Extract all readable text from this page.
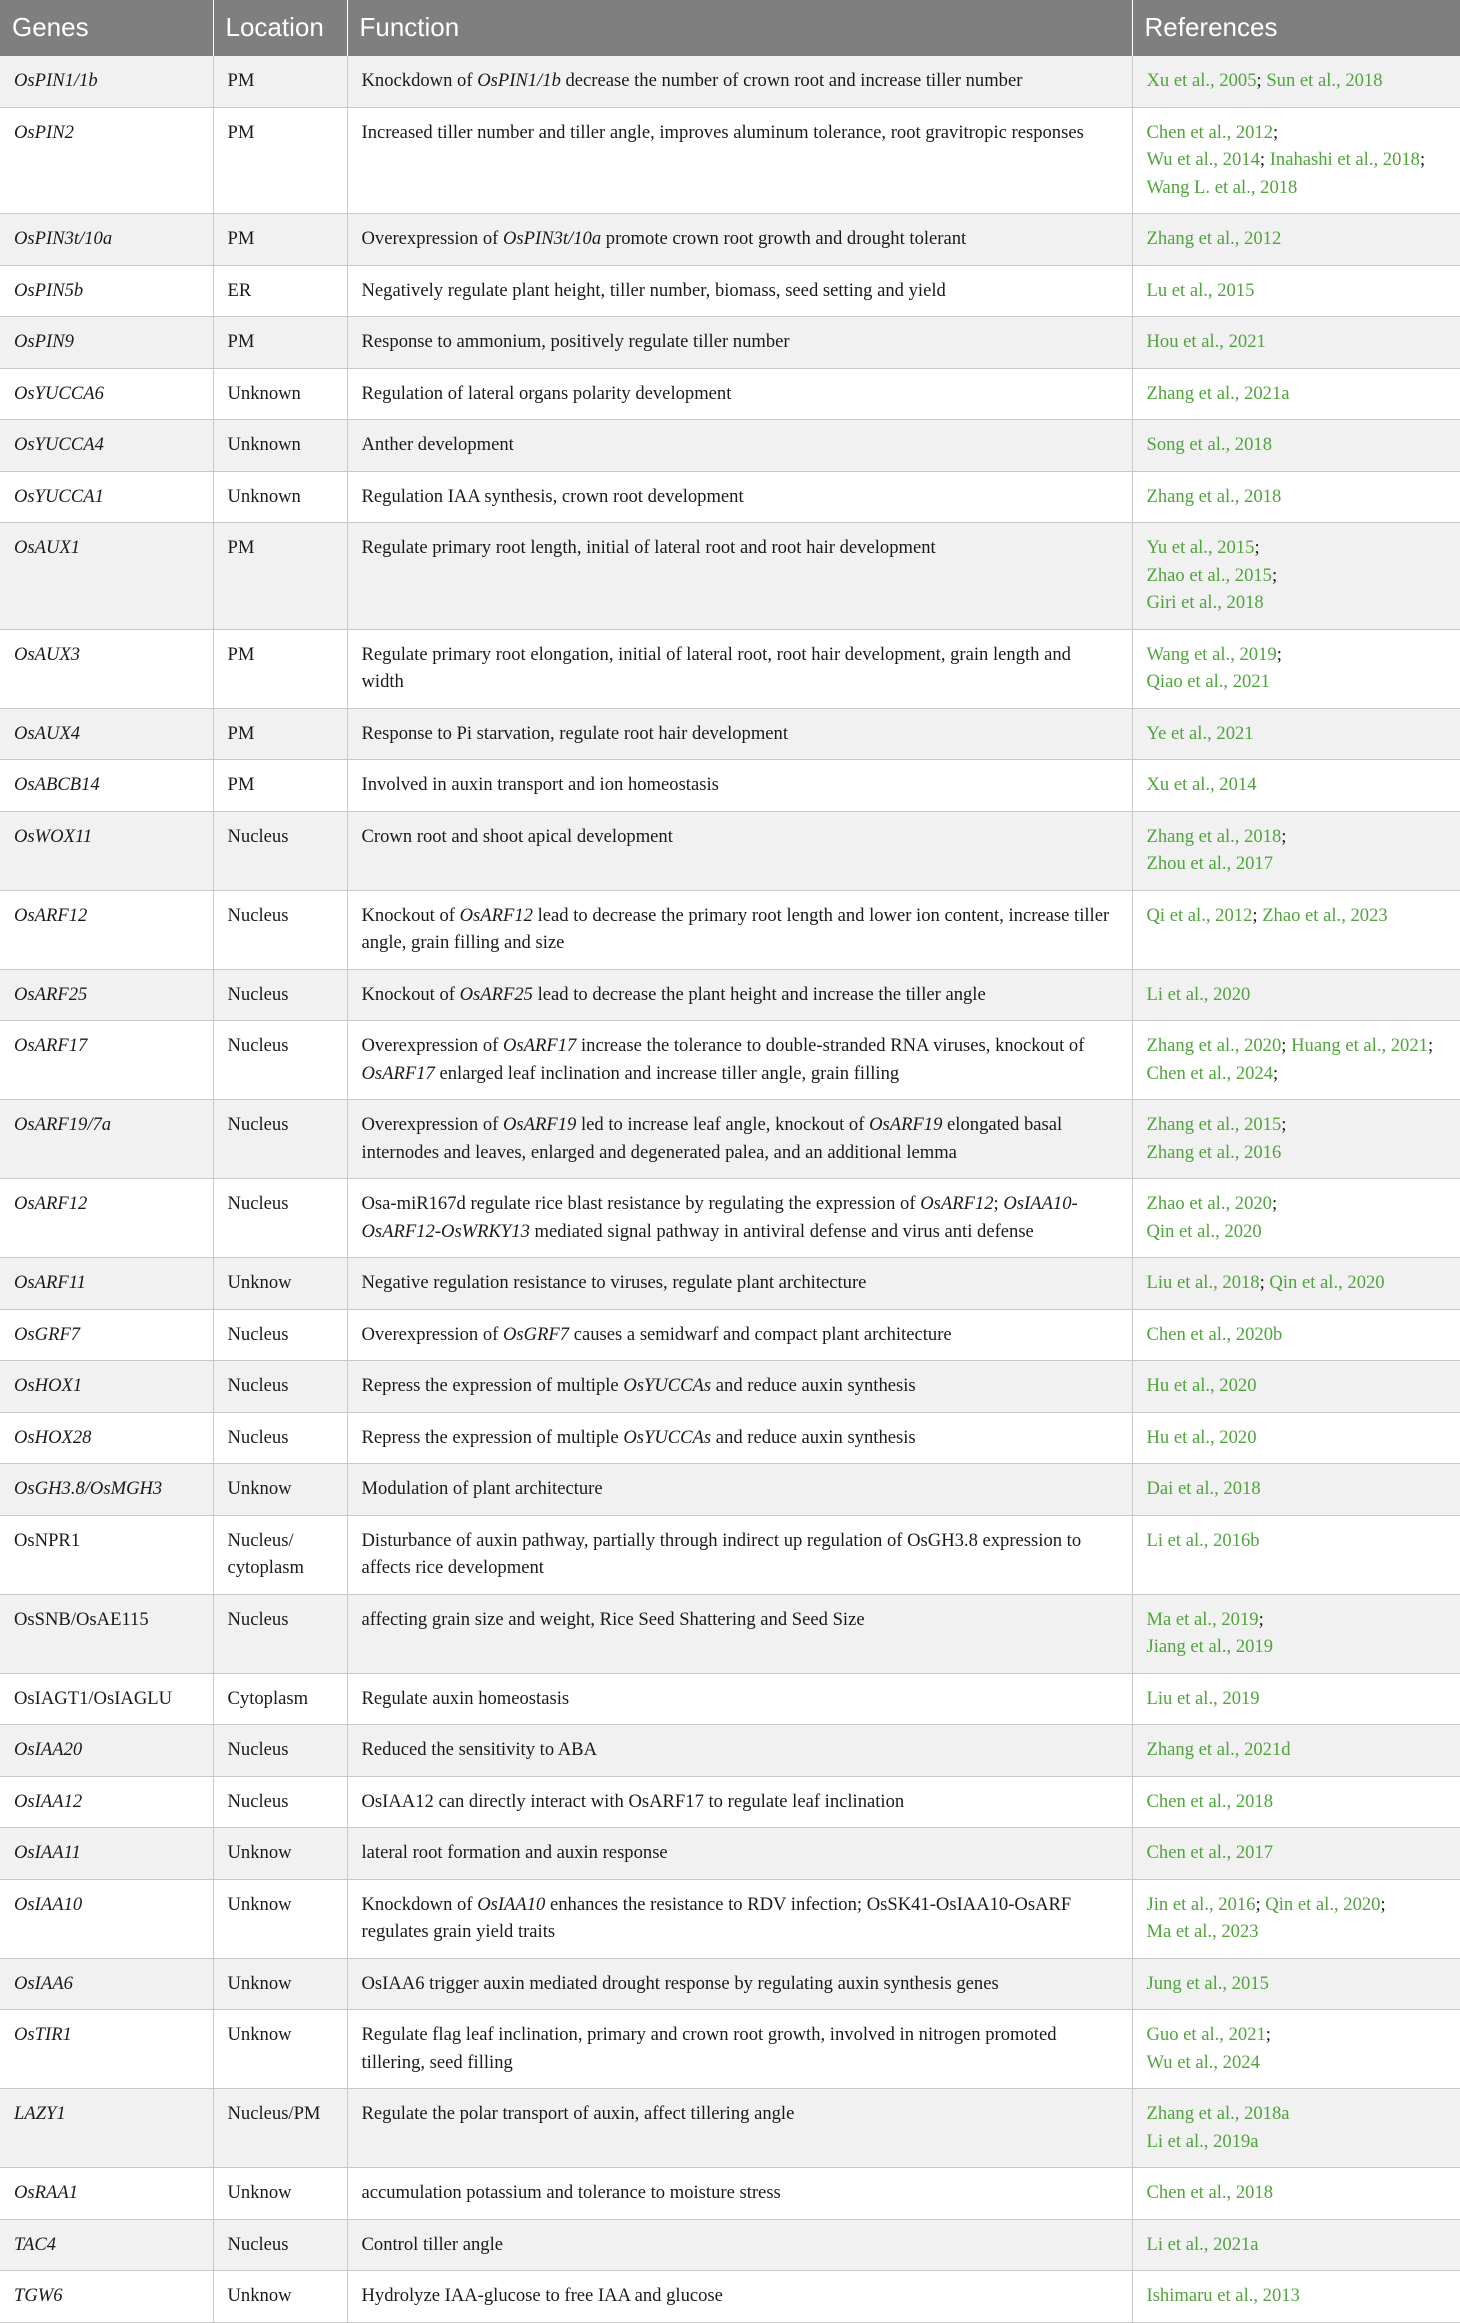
Genes	Location	Function	References
OsPIN1/1b	PM	Knockdown of OsPIN1/1b decrease the number of crown root and increase tiller number	Xu et al., 2005; Sun et al., 2018

OsPIN2	PM	Increased tiller number and tiller angle, improves aluminum tolerance, root gravitropic responses	Chen et al., 2012;
Wu et al., 2014; Inahashi et al., 2018;
Wang L. et al., 2018

OsPIN3t/10a	PM	Overexpression of OsPIN3t/10a promote crown root growth and drought tolerant	Zhang et al., 2012

OsPIN5b	ER	Negatively regulate plant height, tiller number, biomass, seed setting and yield	Lu et al., 2015

OsPIN9	PM	Response to ammonium, positively regulate tiller number	Hou et al., 2021

OsYUCCA6	Unknown	Regulation of lateral organs polarity development	Zhang et al., 2021a

OsYUCCA4	Unknown	Anther development	Song et al., 2018

OsYUCCA1	Unknown	Regulation IAA synthesis, crown root development	Zhang et al., 2018

OsAUX1	PM	Regulate primary root length, initial of lateral root and root hair development	Yu et al., 2015;
Zhao et al., 2015;
Giri et al., 2018

OsAUX3	PM	Regulate primary root elongation, initial of lateral root, root hair development, grain length and width	Wang et al., 2019;
Qiao et al., 2021

OsAUX4	PM	Response to Pi starvation, regulate root hair development	Ye et al., 2021

OsABCB14	PM	Involved in auxin transport and ion homeostasis	Xu et al., 2014

OsWOX11	Nucleus	Crown root and shoot apical development	Zhang et al., 2018;
Zhou et al., 2017

OsARF12	Nucleus	Knockout of OsARF12 lead to decrease the primary root length and lower ion content, increase tiller angle, grain filling and size	Qi et al., 2012; Zhao et al., 2023

OsARF25	Nucleus	Knockout of OsARF25 lead to decrease the plant height and increase the tiller angle	Li et al., 2020

OsARF17	Nucleus	Overexpression of OsARF17 increase the tolerance to double-stranded RNA viruses, knockout of OsARF17 enlarged leaf inclination and increase tiller angle, grain filling	Zhang et al., 2020; Huang et al., 2021; Chen et al., 2024;

OsARF19/7a	Nucleus	Overexpression of OsARF19 led to increase leaf angle, knockout of OsARF19 elongated basal internodes and leaves, enlarged and degenerated palea, and an additional lemma	Zhang et al., 2015;
Zhang et al., 2016

OsARF12	Nucleus	Osa-miR167d regulate rice blast resistance by regulating the expression of OsARF12; OsIAA10-OsARF12-OsWRKY13 mediated signal pathway in antiviral defense and virus anti defense	Zhao et al., 2020;
Qin et al., 2020

OsARF11	Unknow	Negative regulation resistance to viruses, regulate plant architecture	Liu et al., 2018; Qin et al., 2020

OsGRF7	Nucleus	Overexpression of OsGRF7 causes a semidwarf and compact plant architecture	Chen et al., 2020b

OsHOX1	Nucleus	Repress the expression of multiple OsYUCCAs and reduce auxin synthesis	Hu et al., 2020

OsHOX28	Nucleus	Repress the expression of multiple OsYUCCAs and reduce auxin synthesis	Hu et al., 2020

OsGH3.8/OsMGH3	Unknow	Modulation of plant architecture	Dai et al., 2018

OsNPR1	Nucleus/ cytoplasm	Disturbance of auxin pathway, partially through indirect up regulation of OsGH3.8 expression to affects rice development	Li et al., 2016b

OsSNB/OsAE115	Nucleus	affecting grain size and weight, Rice Seed Shattering and Seed Size	Ma et al., 2019;
Jiang et al., 2019

OsIAGT1/OsIAGLU	Cytoplasm	Regulate auxin homeostasis	Liu et al., 2019

OsIAA20	Nucleus	Reduced the sensitivity to ABA	Zhang et al., 2021d

OsIAA12	Nucleus	OsIAA12 can directly interact with OsARF17 to regulate leaf inclination	Chen et al., 2018

OsIAA11	Unknow	lateral root formation and auxin response	Chen et al., 2017

OsIAA10	Unknow	Knockdown of OsIAA10 enhances the resistance to RDV infection; OsSK41-OsIAA10-OsARF regulates grain yield traits	Jin et al., 2016; Qin et al., 2020;
Ma et al., 2023

OsIAA6	Unknow	OsIAA6 trigger auxin mediated drought response by regulating auxin synthesis genes	Jung et al., 2015

OsTIR1	Unknow	Regulate flag leaf inclination, primary and crown root growth, involved in nitrogen promoted tillering, seed filling	Guo et al., 2021;
Wu et al., 2024

LAZY1	Nucleus/PM	Regulate the polar transport of auxin, affect tillering angle	Zhang et al., 2018a
Li et al., 2019a

OsRAA1	Unknow	accumulation potassium and tolerance to moisture stress	Chen et al., 2018

TAC4	Nucleus	Control tiller angle	Li et al., 2021a

TGW6	Unknow	Hydrolyze IAA-glucose to free IAA and glucose	Ishimaru et al., 2013
